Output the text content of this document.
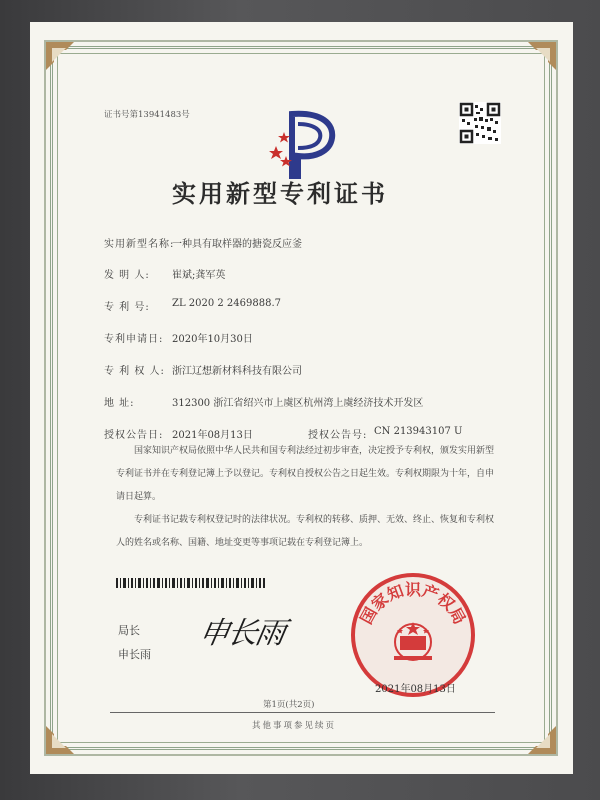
证书号第13941483号
实用新型专利证书
实用新型名称:
一种具有取样器的搪瓷反应釜
发 明 人: 崔斌;龚军英
专 利 号: ZL 2020 2 2469888.7
专利申请日: 2020年10月30日
专 利 权 人: 浙江辽想新材料科技有限公司
地 址:	312300 浙江省绍兴市上虞区杭州湾上虞经济技术开发区
授权公告日: 2021年08月13日	授权公告号: CN 213943107 U
国家知识产权局依照中华人民共和国专利法经过初步审查，决定授予专利权，颁发实用新型专利证书并在专利登记簿上予以登记。专利权自授权公告之日起生效。专利权期限为十年，自申请日起算。
专利证书记载专利权登记时的法律状况。专利权的转移、质押、无效、终止、恢复和专利权人的姓名或名称、国籍、地址变更等事项记载在专利登记簿上。
局长
申长雨
申长雨
国家知识产权局
2021年08月13日
第1页(共2页)
其他事项参见续页
